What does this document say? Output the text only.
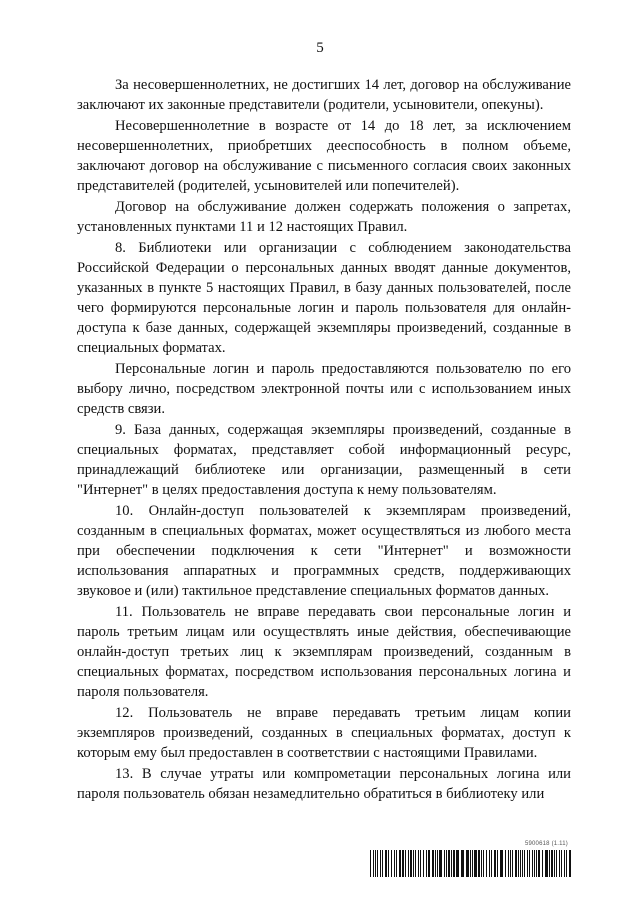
5

За несовершеннолетних, не достигших 14 лет, договор на обслуживание заключают их законные представители (родители, усыновители, опекуны).

Несовершеннолетние в возрасте от 14 до 18 лет, за исключением несовершеннолетних, приобретших дееспособность в полном объеме, заключают договор на обслуживание с письменного согласия своих законных представителей (родителей, усыновителей или попечителей).

Договор на обслуживание должен содержать положения о запретах, установленных пунктами 11 и 12 настоящих Правил.

8. Библиотеки или организации с соблюдением законодательства Российской Федерации о персональных данных вводят данные документов, указанных в пункте 5 настоящих Правил, в базу данных пользователей, после чего формируются персональные логин и пароль пользователя для онлайн-доступа к базе данных, содержащей экземпляры произведений, созданные в специальных форматах.

Персональные логин и пароль предоставляются пользователю по его выбору лично, посредством электронной почты или с использованием иных средств связи.

9. База данных, содержащая экземпляры произведений, созданные в специальных форматах, представляет собой информационный ресурс, принадлежащий библиотеке или организации, размещенный в сети "Интернет" в целях предоставления доступа к нему пользователям.

10. Онлайн-доступ пользователей к экземплярам произведений, созданным в специальных форматах, может осуществляться из любого места при обеспечении подключения к сети "Интернет" и возможности использования аппаратных и программных средств, поддерживающих звуковое и (или) тактильное представление специальных форматов данных.

11. Пользователь не вправе передавать свои персональные логин и пароль третьим лицам или осуществлять иные действия, обеспечивающие онлайн-доступ третьих лиц к экземплярам произведений, созданным в специальных форматах, посредством использования персональных логина и пароля пользователя.

12. Пользователь не вправе передавать третьим лицам копии экземпляров произведений, созданных в специальных форматах, доступ к которым ему был предоставлен в соответствии с настоящими Правилами.

13. В случае утраты или компрометации персональных логина или пароля пользователь обязан незамедлительно обратиться в библиотеку или

5900618 (1.11)
